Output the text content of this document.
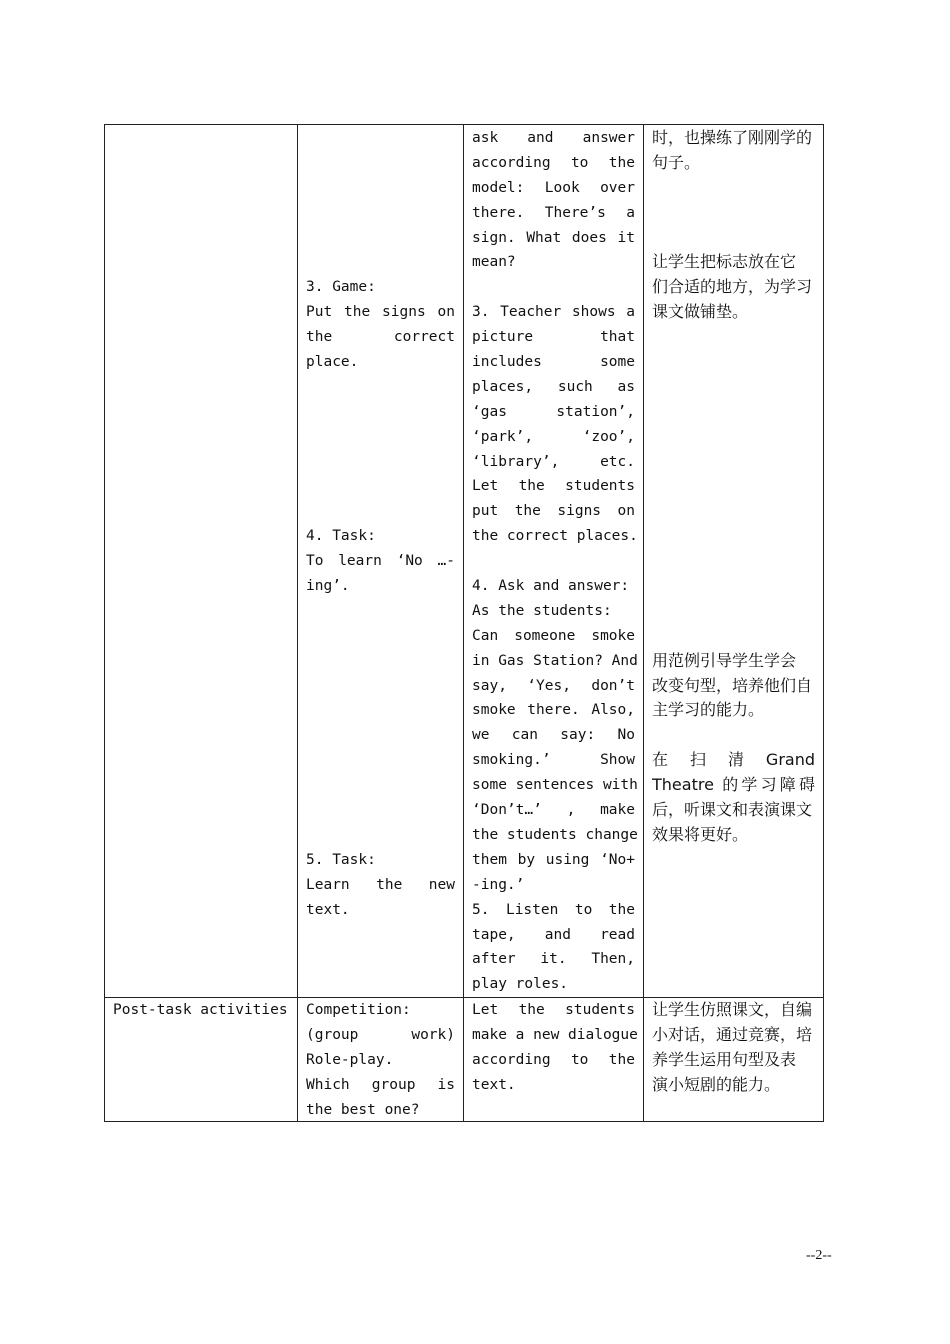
3. Game:
Put the signs on
the correct
place.
4. Task:
To learn ‘No …-
ing’.
5. Task:
Learn the new
text.
ask and answer
according to the
model: Look over
there. There’s a
sign. What does it
mean?
3. Teacher shows a
picture that
includes some
places, such as
‘gas station’,
‘park’, ‘zoo’,
‘library’, etc.
Let the students
put the signs on
the correct places.
4. Ask and answer:
As the students:
Can someone smoke
in Gas Station? And
say, ‘Yes, don’t
smoke there. Also,
we can say: No
smoking.’ Show
some sentences with
‘Don’t…’ , make
the students change
them by using ‘No+
-ing.’
5. Listen to the
tape, and read
after it. Then,
play roles.
时，也操练了刚刚学的
句子。
让学生把标志放在它
们合适的地方，为学习
课文做铺垫。
用范例引导学生学会
改变句型，培养他们自
主学习的能力。
在 扫 清 Grand
Theatre 的学习障碍
后，听课文和表演课文
效果将更好。
Post-task activities Competition:
(group work)
Role-play.
Which group is
the best one?
Let the students
make a new dialogue
according to the
text.
让学生仿照课文，自编
小对话，通过竞赛，培
养学生运用句型及表
演小短剧的能力。
--2--
